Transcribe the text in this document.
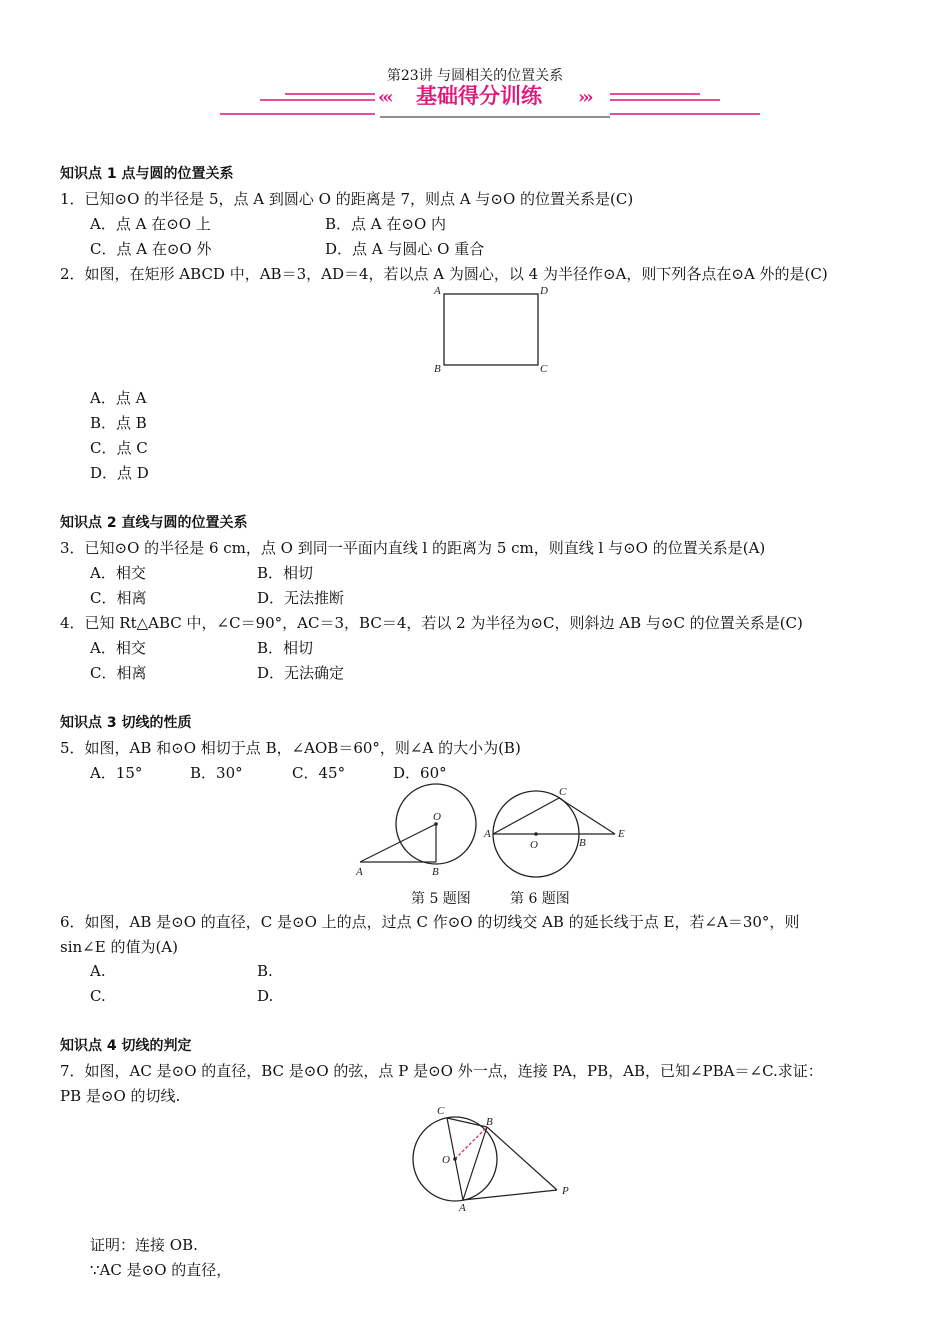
第23讲 与圆相关的位置关系
‹‹‹ 基础得分训练 ›››
知识点 1 点与圆的位置关系
1．已知⊙O 的半径是 5，点 A 到圆心 O 的距离是 7，则点 A 与⊙O 的位置关系是(C)
A．点 A 在⊙O 上	B．点 A 在⊙O 内
C．点 A 在⊙O 外	D．点 A 与圆心 O 重合
2．如图，在矩形 ABCD 中，AB＝3，AD＝4，若以点 A 为圆心，以 4 为半径作⊙A，则下列各点在⊙A 外的是(C)
A	D
B	C
A．点 A
B．点 B
C．点 C
D．点 D
知识点 2 直线与圆的位置关系
3．已知⊙O 的半径是 6 cm，点 O 到同一平面内直线 l 的距离为 5 cm，则直线 l 与⊙O 的位置关系是(A)
A．相交	B．相切
C．相离	D．无法推断
4．已知 Rt△ABC 中，∠C＝90°，AC＝3，BC＝4，若以 2 为半径为⊙C，则斜边 AB 与⊙C 的位置关系是(C)
A．相交	B．相切
C．相离	D．无法确定
知识点 3 切线的性质
5．如图，AB 和⊙O 相切于点 B，∠AOB＝60°，则∠A 的大小为(B)
A．15°	B．30°	C．45°	D．60°
O
A	B
A
O	B
C
E
第 5 题图	第 6 题图
6．如图，AB 是⊙O 的直径，C 是⊙O 上的点，过点 C 作⊙O 的切线交 AB 的延长线于点 E，若∠A＝30°，则
sin∠E 的值为(A)
A.	B.
C.	D.
知识点 4 切线的判定
7．如图，AC 是⊙O 的直径，BC 是⊙O 的弦，点 P 是⊙O 外一点，连接 PA，PB，AB，已知∠PBA＝∠C.求证：
PB 是⊙O 的切线.
C
B
O
A
P
证明：连接 OB.
∵AC 是⊙O 的直径，
